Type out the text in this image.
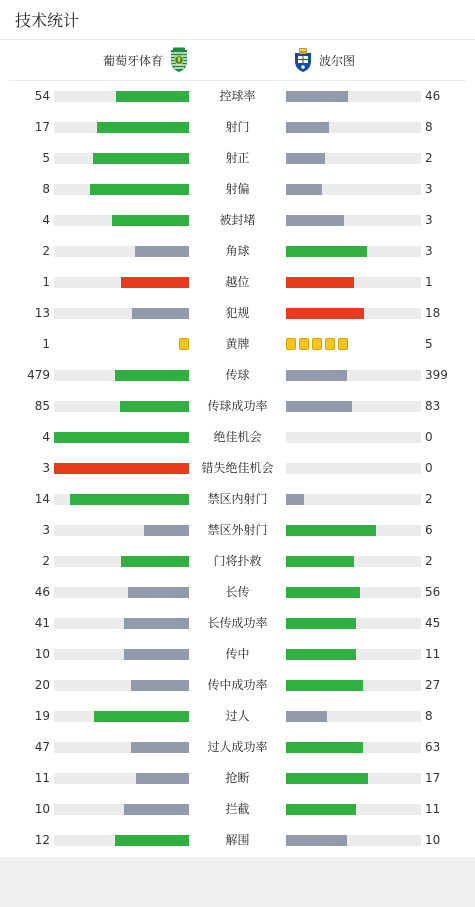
技术统计
葡萄牙体育	波尔图
54	控球率	46
17	射门	8
5	射正	2
8	射偏	3
4	被封堵	3
2	角球	3
1	越位	1
13	犯规	18
1	黄牌	5
479	传球	399
85	传球成功率	83
4	绝佳机会	0
3	错失绝佳机会	0
14	禁区内射门	2
3	禁区外射门	6
2	门将扑救	2
46	长传	56
41	长传成功率	45
10	传中	11
20	传中成功率	27
19	过人	8
47	过人成功率	63
11	抢断	17
10	拦截	11
12	解围	10
